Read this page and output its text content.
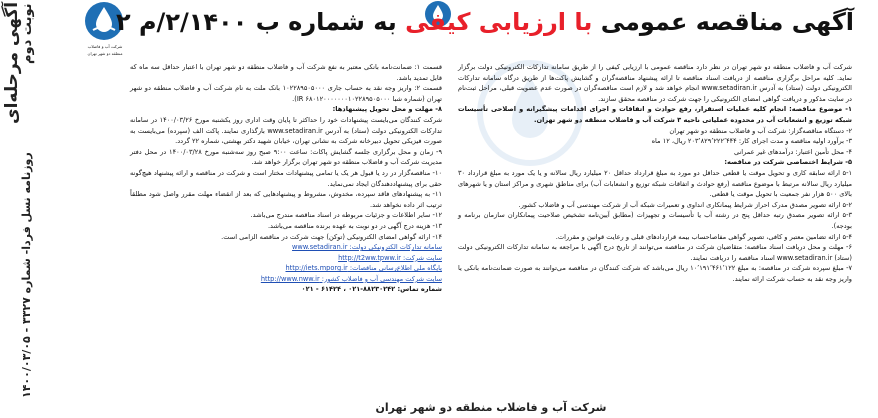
آگهی مرحله‌ای
نوبت دوم
روزنامه نسل فردا- شماره ۳۳۲۷ - ۱۴۰۰/۰۳/۰۵
شرکت آب و فاضلاب
منطقه دو شهر تهران
آگهی مناقصه عمومی با ارزیابی کیفی به شماره ب ۲/۱۴۰۰/م ۲

شرکت آب و فاضلاب منطقه دو شهر تهران در نظر دارد مناقصه عمومی با ارزیابی کیفی را از طریق سامانه تدارکات الکترونیکی دولت برگزار نماید. کلیه مراحل برگزاری مناقصه از دریافت اسناد مناقصه تا ارائه پیشنهاد مناقصه‌گران و گشایش پاکت‌ها از طریق درگاه سامانه تدارکات الکترونیکی دولت (ستاد) به آدرس www.setadiran.ir انجام خواهد شد و لازم است مناقصه‌گران در صورت عدم عضویت قبلی، مراحل ثبت‌نام در سایت مذکور و دریافت گواهی امضای الکترونیکی را جهت شرکت در مناقصه محقق سازند.

۱- موضوع مناقصه: انجام کلیه عملیات استقرار، رفع حوادث و اتفاقات و اجرای اقدامات پیشگیرانه و اصلاحی تأسیسات شبکه توزیع و انشعابات آب در محدوده عملیاتی ناحیه ۳ شرکت آب و فاضلاب منطقه دو شهر تهران.

۲- دستگاه مناقصه‌گزار: شرکت آب و فاضلاب منطقه دو شهر تهران

۳- برآورد اولیه مناقصه و مدت اجرای کار: ۲۰۳٬۸۲۹٬۲۲۲٬۴۴۴ ریال، ۱۲ ماه

۴- محل تأمین اعتبار: درآمدهای غیر عمرانی

۵- شرایط اختصاصی شرکت در مناقصه:

۵-۱ ارائه سابقه کاری و تحویل موقت یا قطعی حداقل دو مورد به مبلغ قرارداد حداقل ۲۰ میلیارد ریال سالانه و یا یک مورد به مبلغ قرارداد ۳۰ میلیارد ریال سالانه مرتبط با موضوع مناقصه (رفع حوادث و اتفاقات شبکه توزیع و انشعابات آب) برای مناطق شهری و مراکز استان و یا شهرهای بالای ۵۰۰ هزار نفر جمعیت با تحویل موقت یا قطعی.

۵-۲ ارائه تصویر مصدق مدرک احراز شرایط پیمانکاری انداوی و تعمیرات شبکه آب از شرکت مهندسی آب و فاضلاب کشور.

۵-۳ ارائه تصویر مصدق رتبه حداقل پنج در رشته آب یا تأسیسات و تجهیزات (مطابق آیین‌نامه تشخیص صلاحیت پیمانکاران سازمان برنامه و بودجه).

۵-۴ ارائه تضامین معتبر و کافی، تصویر گواهی مفاصاحساب بیمه قراردادهای قبلی و رعایت قوانین و مقررات.

۶- مهلت و محل دریافت اسناد مناقصه: متقاضیان شرکت در مناقصه می‌توانند از تاریخ درج آگهی با مراجعه به سامانه تدارکات الکترونیکی دولت (ستاد) www.setadiran.ir اسناد مناقصه را دریافت نمایند.

۷- مبلغ سپرده شرکت در مناقصه: به مبلغ ۱۰٬۱۹۱٬۴۶۱٬۱۲۲ ریال می‌باشد که شرکت کنندگان در مناقصه می‌توانند به صورت ضمانت‌نامه بانکی یا واریز وجه نقد به حساب شرکت ارائه نمایند.

قسمت ۱: ضمانت‌نامه بانکی معتبر به نفع شرکت آب و فاضلاب منطقه دو شهر تهران با اعتبار حداقل سه ماه که قابل تمدید باشد.

قسمت ۲: واریز وجه نقد به حساب جاری ۱۰۲۲۸۹۵۰۵۰۰۰ بانک ملت به نام شرکت آب و فاضلاب منطقه دو شهر تهران (شماره شبا IR ۶۸۰۱۲۰۰۰۰۰۰۰۱۰۲۲۸۹۵۰۵۰۰۰).

۸- مهلت و محل تحویل پیشنهادها:

شرکت کنندگان می‌بایست پیشنهادات خود را حداکثر تا پایان وقت اداری روز یکشنبه مورخ ۱۴۰۰/۰۳/۲۶ در سامانه تدارکات الکترونیکی دولت (ستاد) به آدرس www.setadiran.ir بارگذاری نمایند. پاکت الف (سپرده) می‌بایست به صورت فیزیکی تحویل دبیرخانه شرکت به نشانی تهران، خیابان شهید دکتر بهشتی، شماره ۲۲ گردد.

۹- زمان و محل برگزاری جلسه گشایش پاکات: ساعت ۹:۰۰ صبح روز سه‌شنبه مورخ ۱۴۰۰/۰۳/۲۸ در محل دفتر مدیریت شرکت آب و فاضلاب منطقه دو شهر تهران برگزار خواهد شد.

۱۰- مناقصه‌گزار در رد یا قبول هر یک یا تمامی پیشنهادات مختار است و شرکت در مناقصه و ارائه پیشنهاد هیچ‌گونه حقی برای پیشنهاددهندگان ایجاد نمی‌نماید.

۱۱- به پیشنهادهای فاقد سپرده، مخدوش، مشروط و پیشنهادهایی که بعد از انقضاء مهلت مقرر واصل شود مطلقاً ترتیب اثر داده نخواهد شد.

۱۲- سایر اطلاعات و جزئیات مربوطه در اسناد مناقصه مندرج می‌باشد.

۱۳- هزینه درج آگهی در دو نوبت به عهده برنده مناقصه می‌باشد.

۱۴- ارائه گواهی امضای الکترونیکی (توکن) جهت شرکت در مناقصه الزامی است.

سامانه تدارکات الکترونیکی دولت: www.setadiran.ir

سایت شرکت: http://t2ww.tpww.ir

پایگاه ملی اطلاع‌رسانی مناقصات: http://iets.mporg.ir

سایت شرکت مهندسی آب و فاضلاب کشور: http://www.nww.ir

شماره تماس: ۸۸۲۳۰۲۴۲-۰۲۱ ، ۶۱۴۲۴ - ۰۲۱

شرکت آب و فاضلاب منطقه دو شهر تهران
